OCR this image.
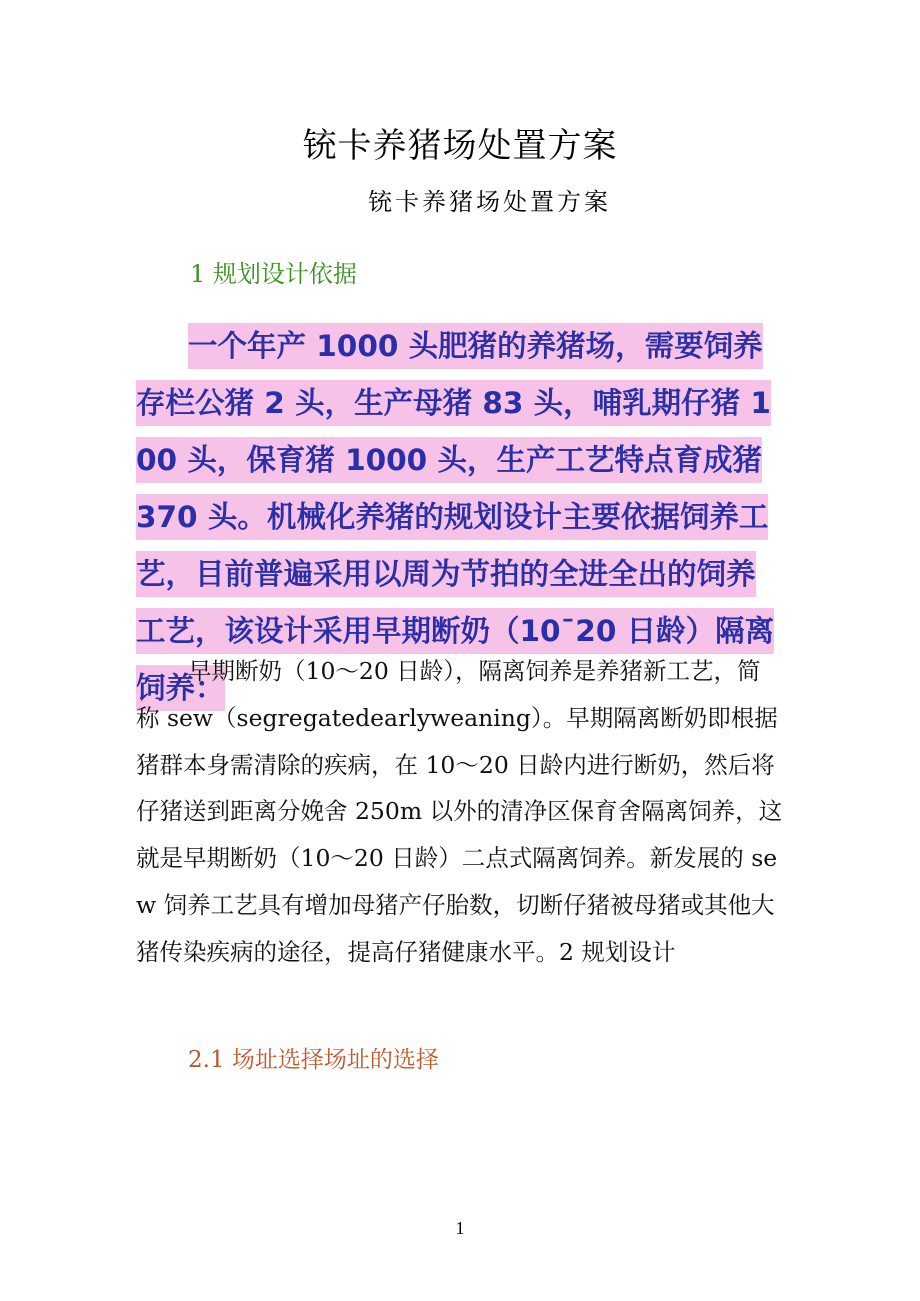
铳卡养猪场处置方案
铳卡养猪场处置方案
1 规划设计依据

一个年产 1000 头肥猪的养猪场，需要饲养存栏公猪 2 头，生产母猪 83 头，哺乳期仔猪 100 头，保育猪 1000 头，生产工艺特点育成猪 370 头。机械化养猪的规划设计主要依据饲养工艺，目前普遍采用以周为节拍的全进全出的饲养工艺，该设计采用早期断奶（10¯20 日龄）隔离饲养：

早期断奶（10～20 日龄），隔离饲养是养猪新工艺，简称 sew（segregatedearlyweaning）。早期隔离断奶即根据猪群本身需清除的疾病，在 10～20 日龄内进行断奶，然后将仔猪送到距离分娩舍 250m 以外的清净区保育舍隔离饲养，这就是早期断奶（10～20 日龄）二点式隔离饲养。新发展的 sew 饲养工艺具有增加母猪产仔胎数，切断仔猪被母猪或其他大猪传染疾病的途径，提高仔猪健康水平。2 规划设计

2.1 场址选择场址的选择
1
